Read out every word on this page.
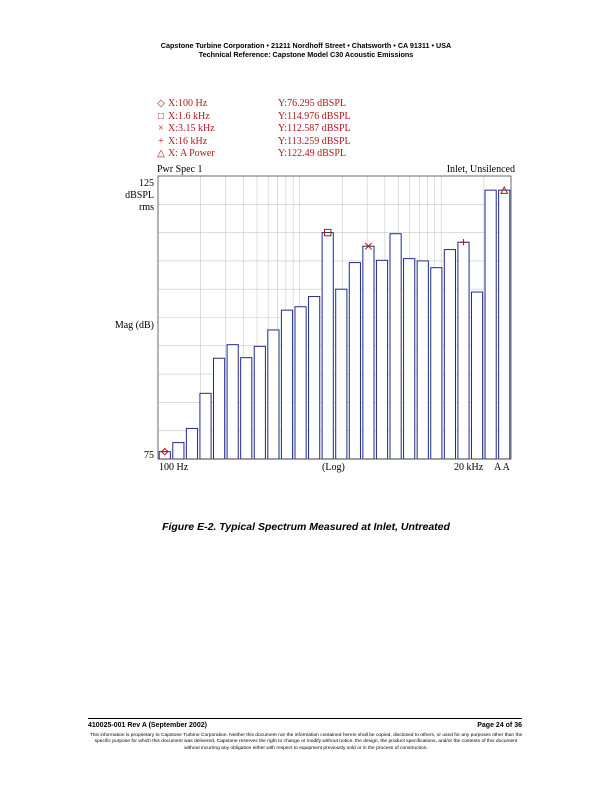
Capstone Turbine Corporation • 21211 Nordhoff Street • Chatsworth • CA 91311 • USA
Technical Reference: Capstone Model C30 Acoustic Emissions
◇ X:100 Hz	Y:76.295 dBSPL
□ X:1.6 kHz	Y:114.976 dBSPL
× X:3.15 kHz	Y:112.587 dBSPL
+ X:16 kHz	Y:113.259 dBSPL
△ X: A Power	Y:122.49 dBSPL
Pwr Spec 1	Inlet, Unsilenced
125
dBSPL
rms
Mag (dB)
75
100 Hz	(Log)	20 kHz A A
Figure E-2. Typical Spectrum Measured at Inlet, Untreated
410025-001 Rev A (September 2002)	Page 24 of 36
This information is proprietary to Capstone Turbine Corporation. Neither this document nor the information contained herein shall be copied, disclosed to others, or used for any purposes other than the specific purpose for which this document was delivered. Capstone reserves the right to change or modify without notice, the design, the product specifications, and/or the contents of this document without incurring any obligation either with respect to equipment previously sold or in the process of construction.
